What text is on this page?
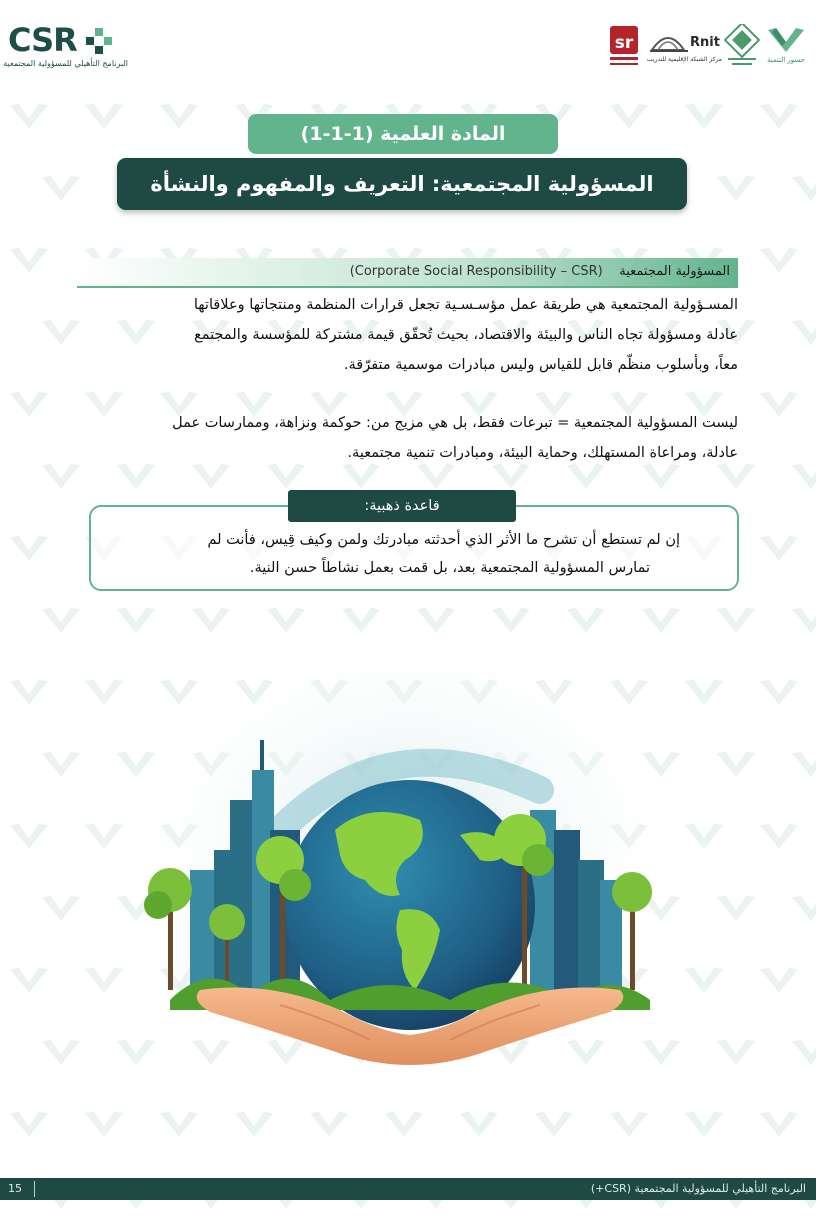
CSR
البرنامج التأهيلي للمسؤولية المجتمعية
sr	Rnit
مركز الشبكة الإقليمية للتدريب	جسور التنمية
المادة العلمية (1-1-1)
المسؤولية المجتمعية: التعريف والمفهوم والنشأة
المسؤولية المجتمعية    (Corporate Social Responsibility – CSR)
المسـؤولية المجتمعية هي طريقة عمل مؤسـسـية تجعل قرارات المنظمة ومنتجاتها وعلاقاتها
عادلة ومسؤولة تجاه الناس والبيئة والاقتصاد، بحيث تُحقّق قيمة مشتركة للمؤسسة والمجتمع
معاً، وبأسلوب منظّم قابل للقياس وليس مبادرات موسمية متفرّقة.
ليست المسؤولية المجتمعية = تبرعات فقط، بل هي مزيج من: حوكمة ونزاهة، وممارسات عمل
عادلة، ومراعاة المستهلك، وحماية البيئة، ومبادرات تنمية مجتمعية.
قاعدة ذهبية:
إن لم تستطع أن تشرح ما الأثر الذي أحدثته مبادرتك ولمن وكيف قِيس، فأنت لم
تمارس المسؤولية المجتمعية بعد، بل قمت بعمل نشاطاً حسن النية.
15	البرنامج التأهيلي للمسؤولية المجتمعية (CSR+)
